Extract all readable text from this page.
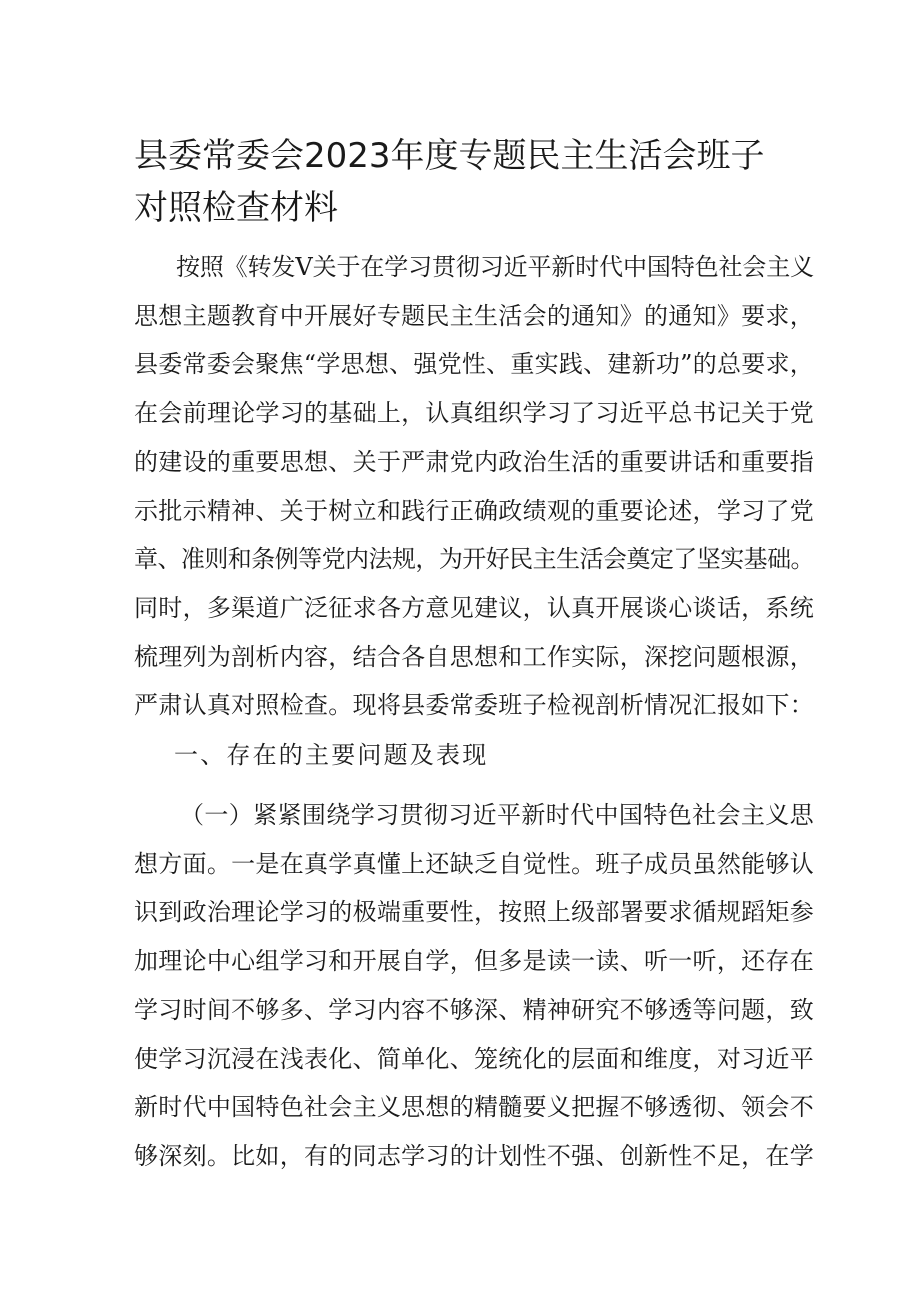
县委常委会2023年度专题民主生活会班子
对照检查材料
按照《转发Ⅴ关于在学习贯彻习近平新时代中国特色社会主义
思想主题教育中开展好专题民主生活会的通知》的通知》要求，
县委常委会聚焦“学思想、强党性、重实践、建新功”的总要求，
在会前理论学习的基础上，认真组织学习了习近平总书记关于党
的建设的重要思想、关于严肃党内政治生活的重要讲话和重要指
示批示精神、关于树立和践行正确政绩观的重要论述，学习了党
章、准则和条例等党内法规，为开好民主生活会奠定了坚实基础。
同时，多渠道广泛征求各方意见建议，认真开展谈心谈话，系统
梳理列为剖析内容，结合各自思想和工作实际，深挖问题根源，
严肃认真对照检查。现将县委常委班子检视剖析情况汇报如下：
一、存在的主要问题及表现
（一）紧紧围绕学习贯彻习近平新时代中国特色社会主义思
想方面。一是在真学真懂上还缺乏自觉性。班子成员虽然能够认
识到政治理论学习的极端重要性，按照上级部署要求循规蹈矩参
加理论中心组学习和开展自学，但多是读一读、听一听，还存在
学习时间不够多、学习内容不够深、精神研究不够透等问题，致
使学习沉浸在浅表化、简单化、笼统化的层面和维度，对习近平
新时代中国特色社会主义思想的精髓要义把握不够透彻、领会不
够深刻。比如，有的同志学习的计划性不强、创新性不足，在学
